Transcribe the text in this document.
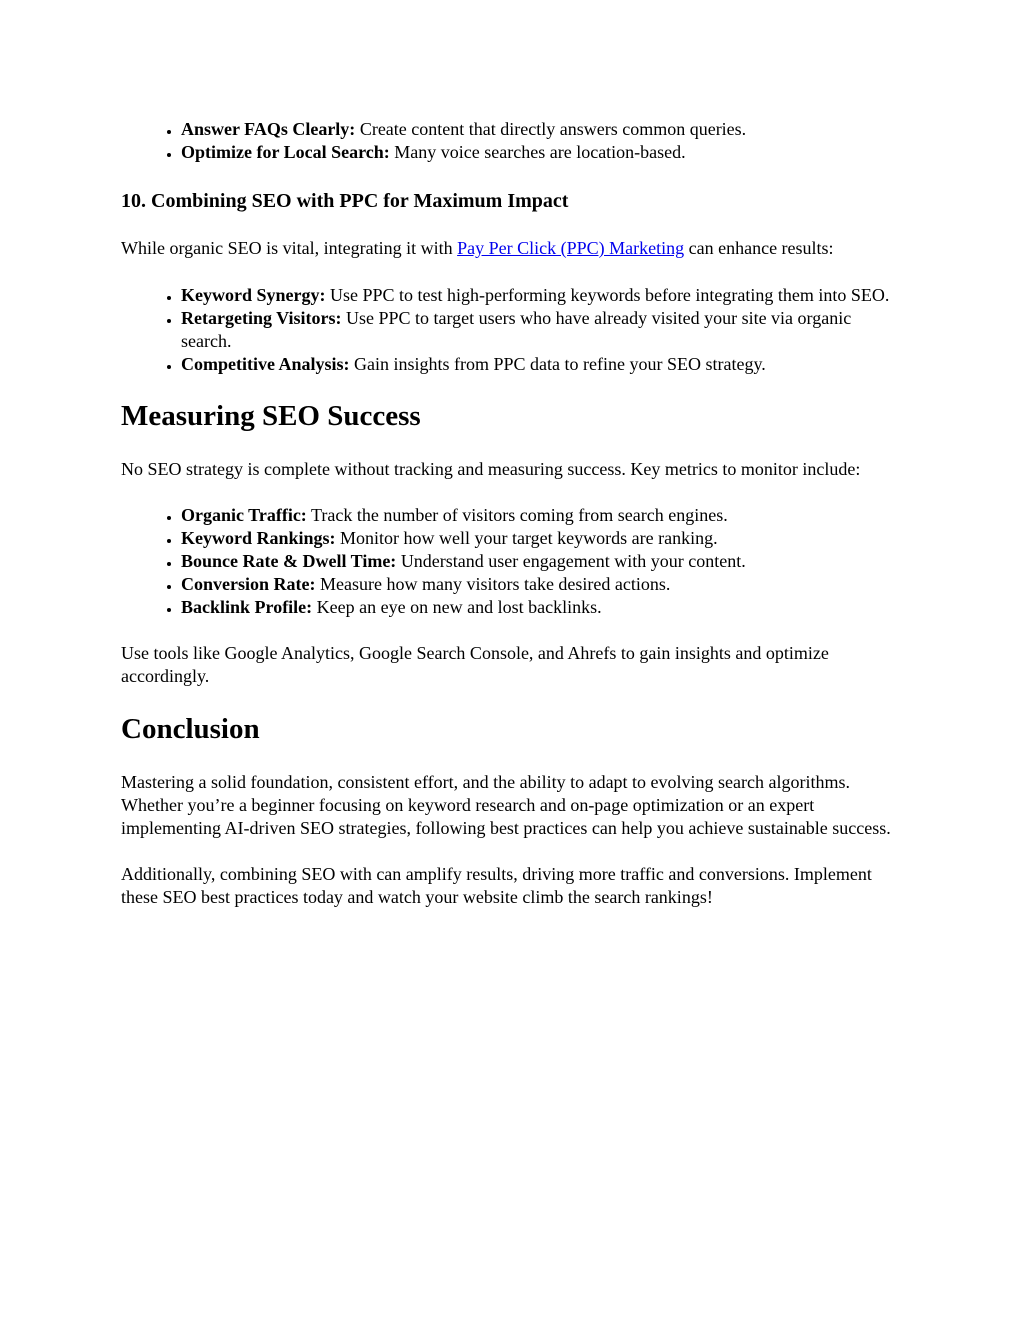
• Answer FAQs Clearly: Create content that directly answers common queries.
• Optimize for Local Search: Many voice searches are location-based.
10. Combining SEO with PPC for Maximum Impact

While organic SEO is vital, integrating it with Pay Per Click (PPC) Marketing can enhance results:

• Keyword Synergy: Use PPC to test high-performing keywords before integrating them into SEO.
• Retargeting Visitors: Use PPC to target users who have already visited your site via organic search.
• Competitive Analysis: Gain insights from PPC data to refine your SEO strategy.
Measuring SEO Success

No SEO strategy is complete without tracking and measuring success. Key metrics to monitor include:

• Organic Traffic: Track the number of visitors coming from search engines.
• Keyword Rankings: Monitor how well your target keywords are ranking.
• Bounce Rate & Dwell Time: Understand user engagement with your content.
• Conversion Rate: Measure how many visitors take desired actions.
• Backlink Profile: Keep an eye on new and lost backlinks.

Use tools like Google Analytics, Google Search Console, and Ahrefs to gain insights and optimize accordingly.

Conclusion

Mastering a solid foundation, consistent effort, and the ability to adapt to evolving search algorithms. Whether you’re a beginner focusing on keyword research and on-page optimization or an expert implementing AI-driven SEO strategies, following best practices can help you achieve sustainable success.

Additionally, combining SEO with can amplify results, driving more traffic and conversions. Implement these SEO best practices today and watch your website climb the search rankings!
